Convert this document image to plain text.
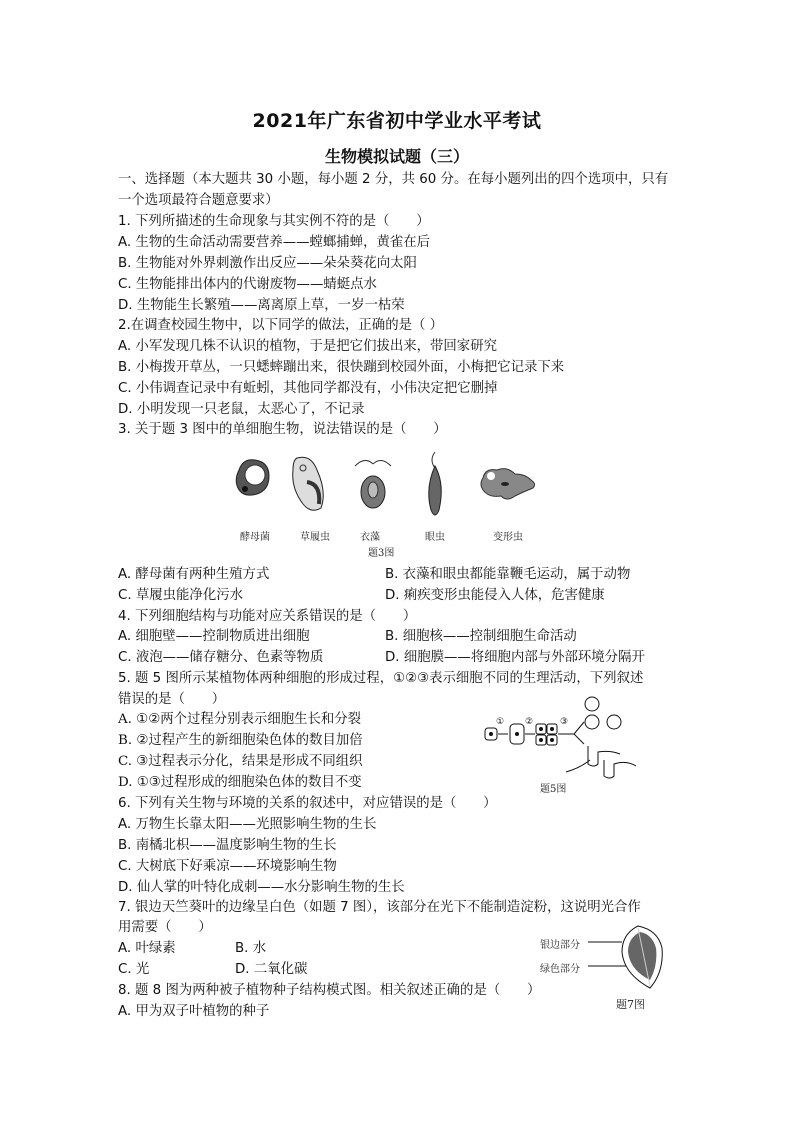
2021年广东省初中学业水平考试
生物模拟试题（三）
一、选择题（本大题共 30 小题，每小题 2 分，共 60 分。在每小题列出的四个选项中，只有
一个选项最符合题意要求）
1. 下列所描述的生命现象与其实例不符的是（　　）
A. 生物的生命活动需要营养——螳螂捕蝉，黄雀在后
B. 生物能对外界刺激作出反应——朵朵葵花向太阳
C. 生物能排出体内的代谢废物——蜻蜓点水
D. 生物能生长繁殖——离离原上草，一岁一枯荣
2.在调查校园生物中，以下同学的做法，正确的是（ ）
A. 小军发现几株不认识的植物，于是把它们拔出来，带回家研究
B. 小梅拨开草丛，一只蟋蟀蹦出来，很快蹦到校园外面，小梅把它记录下来
C. 小伟调查记录中有蚯蚓，其他同学都没有，小伟决定把它删掉
D. 小明发现一只老鼠，太恶心了，不记录
3. 关于题 3 图中的单细胞生物，说法错误的是（　　）
酵母菌	草履虫	衣藻	眼虫	变形虫
题3图
A. 酵母菌有两种生殖方式	B. 衣藻和眼虫都能靠鞭毛运动，属于动物
C. 草履虫能净化污水	D. 痢疾变形虫能侵入人体，危害健康
4. 下列细胞结构与功能对应关系错误的是（　　）
A. 细胞壁——控制物质进出细胞	B. 细胞核——控制细胞生命活动
C. 液泡——储存糖分、色素等物质	D. 细胞膜——将细胞内部与外部环境分隔开
5. 题 5 图所示某植物体两种细胞的形成过程，①②③表示细胞不同的生理活动，下列叙述
错误的是（　　）
A. ①②两个过程分别表示细胞生长和分裂
B. ②过程产生的新细胞染色体的数目加倍
C. ③过程表示分化，结果是形成不同组织
D. ①③过程形成的细胞染色体的数目不变
① ②	③
题5图
6. 下列有关生物与环境的关系的叙述中，对应错误的是（　　）
A. 万物生长靠太阳——光照影响生物的生长
B. 南橘北枳——温度影响生物的生长
C. 大树底下好乘凉——环境影响生物
D. 仙人掌的叶特化成刺——水分影响生物的生长
7. 银边天竺葵叶的边缘呈白色（如题 7 图），该部分在光下不能制造淀粉，这说明光合作
用需要（　　）
A. 叶绿素	B. 水
C. 光	D. 二氧化碳
银边部分
绿色部分
题7图
8. 题 8 图为两种被子植物种子结构模式图。相关叙述正确的是（　　）
A. 甲为双子叶植物的种子
